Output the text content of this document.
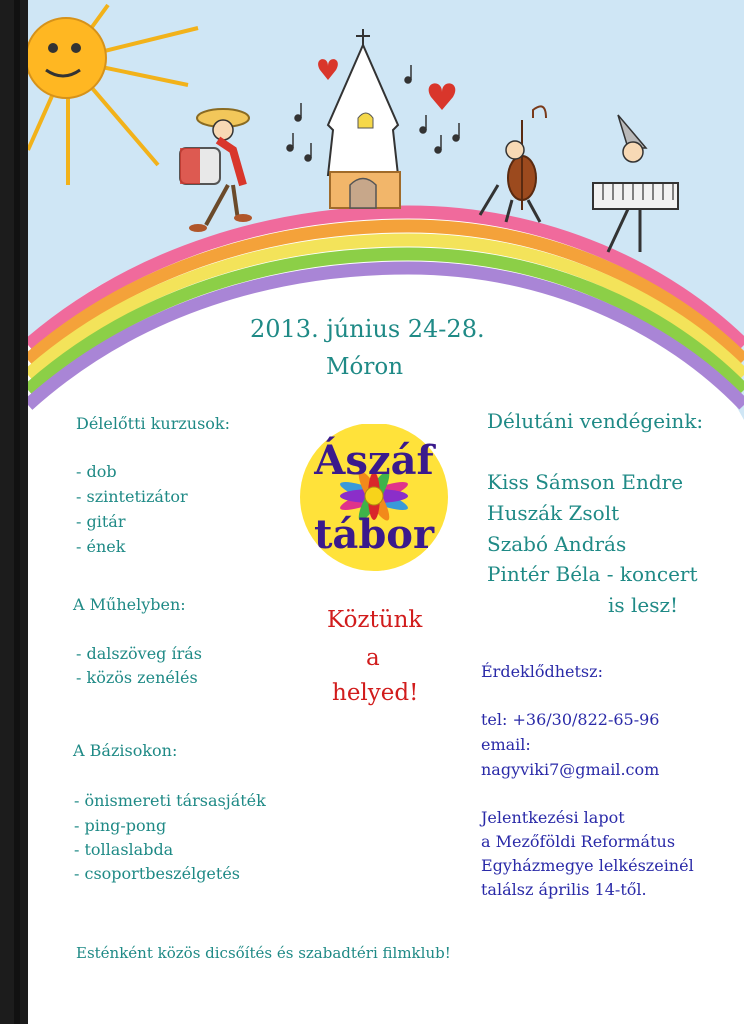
2013. június 24-28.
Móron
Délelőtti kurzusok:
- dob
- szintetizátor
- gitár
- ének
A Műhelyben:
- dalszöveg írás
- közös zenélés
A Bázisokon:
- önismereti társasjáték
- ping-pong
- tollaslabda
- csoportbeszélgetés
Ászáf
tábor
Köztünk
a
helyed!
Délutáni vendégeink:
Kiss Sámson Endre
Huszák Zsolt
Szabó András
Pintér Béla - koncert
is lesz!
Érdeklődhetsz:
tel: +36/30/822-65-96
email:
nagyviki7@gmail.com
Jelentkezési lapot
a Mezőföldi Református
Egyházmegye lelkészeinél
találsz április 14-től.
Esténként közös dicsőítés és szabadtéri filmklub!
